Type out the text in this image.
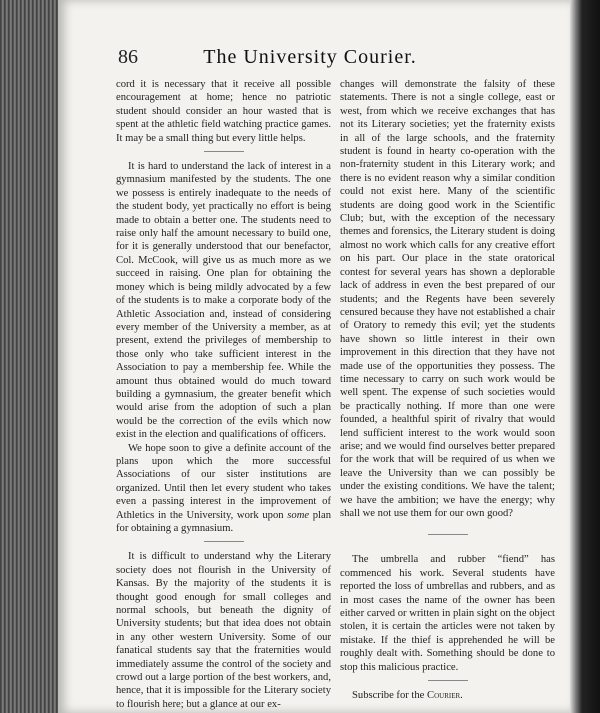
86	The University Courier.

cord it is necessary that it receive all possible encouragement at home; hence no patriotic student should consider an hour wasted that is spent at the athletic field watching practice games. It may be a small thing but every little helps.

It is hard to understand the lack of interest in a gymnasium manifested by the students. The one we possess is entirely inadequate to the needs of the student body, yet practically no effort is being made to obtain a better one. The students need to raise only half the amount necessary to build one, for it is generally understood that our benefactor, Col. McCook, will give us as much more as we succeed in raising. One plan for obtaining the money which is being mildly advocated by a few of the students is to make a corporate body of the Athletic Association and, instead of considering every member of the University a member, as at present, extend the privileges of membership to those only who take sufficient interest in the Association to pay a membership fee. While the amount thus obtained would do much toward building a gymnasium, the greater benefit which would arise from the adoption of such a plan would be the correction of the evils which now exist in the election and qualifications of officers.

We hope soon to give a definite account of the plans upon which the more successful Associations of our sister institutions are organized. Until then let every student who takes even a passing interest in the improvement of Athletics in the University, work upon some plan for obtaining a gymnasium.

It is difficult to understand why the Literary society does not flourish in the University of Kansas. By the majority of the students it is thought good enough for small colleges and normal schools, but beneath the dignity of University students; but that idea does not obtain in any other western University. Some of our fanatical students say that the fraternities would immediately assume the control of the society and crowd out a large portion of the best workers, and, hence, that it is impossible for the Literary society to flourish here; but a glance at our ex-

changes will demonstrate the falsity of these statements. There is not a single college, east or west, from which we receive exchanges that has not its Literary societies; yet the fraternity exists in all of the large schools, and the fraternity student is found in hearty co-operation with the non-fraternity student in this Literary work; and there is no evident reason why a similar condition could not exist here. Many of the scientific students are doing good work in the Scientific Club; but, with the exception of the necessary themes and forensics, the Literary student is doing almost no work which calls for any creative effort on his part. Our place in the state oratorical contest for several years has shown a deplorable lack of address in even the best prepared of our students; and the Regents have been severely censured because they have not established a chair of Oratory to remedy this evil; yet the students have shown so little interest in their own improvement in this direction that they have not made use of the opportunities they possess. The time necessary to carry on such work would be well spent. The expense of such societies would be practically nothing. If more than one were founded, a healthful spirit of rivalry that would lend sufficient interest to the work would soon arise; and we would find ourselves better prepared for the work that will be required of us when we leave the University than we can possibly be under the existing conditions. We have the talent; we have the ambition; we have the energy; why shall we not use them for our own good?

The umbrella and rubber “fiend” has commenced his work. Several students have reported the loss of umbrellas and rubbers, and as in most cases the name of the owner has been either carved or written in plain sight on the object stolen, it is certain the articles were not taken by mistake. If the thief is apprehended he will be roughly dealt with. Something should be done to stop this malicious practice.

Subscribe for the Courier.
